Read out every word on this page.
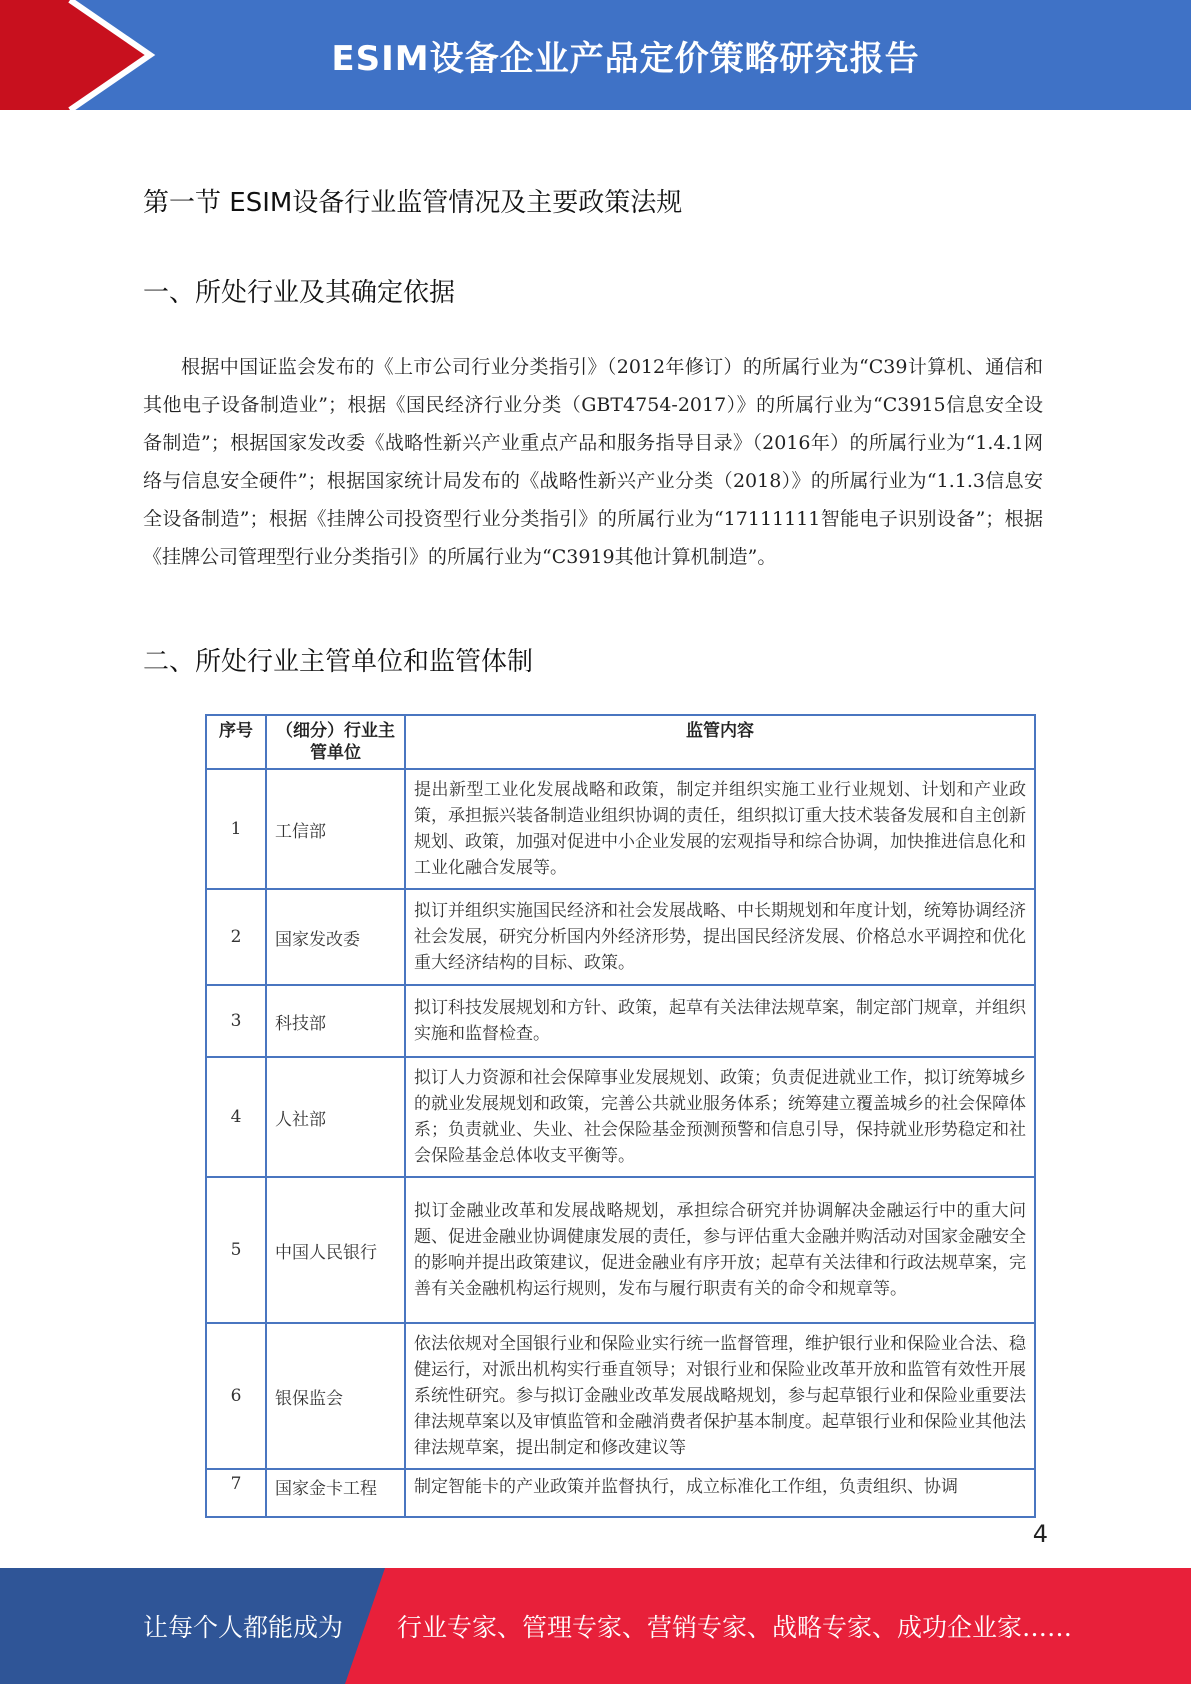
ESIM设备企业产品定价策略研究报告
第一节 ESIM设备行业监管情况及主要政策法规
一、所处行业及其确定依据

根据中国证监会发布的《上市公司行业分类指引》（2012年修订）的所属行业为“C39计算机、通信和其他电子设备制造业”；根据《国民经济行业分类（GBT4754-2017）》的所属行业为“C3915信息安全设备制造”；根据国家发改委《战略性新兴产业重点产品和服务指导目录》（2016年）的所属行业为“1.4.1网络与信息安全硬件”；根据国家统计局发布的《战略性新兴产业分类（2018）》的所属行业为“1.1.3信息安全设备制造”；根据《挂牌公司投资型行业分类指引》的所属行业为“17111111智能电子识别设备”；根据《挂牌公司管理型行业分类指引》的所属行业为“C3919其他计算机制造”。

二、所处行业主管单位和监管体制
序号	（细分）行业主管单位	监管内容
1	工信部	提出新型工业化发展战略和政策，制定并组织实施工业行业规划、计划和产业政策，承担振兴装备制造业组织协调的责任，组织拟订重大技术装备发展和自主创新规划、政策，加强对促进中小企业发展的宏观指导和综合协调，加快推进信息化和工业化融合发展等。
2	国家发改委	拟订并组织实施国民经济和社会发展战略、中长期规划和年度计划，统筹协调经济社会发展，研究分析国内外经济形势，提出国民经济发展、价格总水平调控和优化重大经济结构的目标、政策。
3	科技部	拟订科技发展规划和方针、政策，起草有关法律法规草案，制定部门规章，并组织实施和监督检查。
4	人社部	拟订人力资源和社会保障事业发展规划、政策；负责促进就业工作，拟订统筹城乡的就业发展规划和政策，完善公共就业服务体系；统筹建立覆盖城乡的社会保障体系；负责就业、失业、社会保险基金预测预警和信息引导，保持就业形势稳定和社会保险基金总体收支平衡等。
5	中国人民银行	拟订金融业改革和发展战略规划，承担综合研究并协调解决金融运行中的重大问题、促进金融业协调健康发展的责任，参与评估重大金融并购活动对国家金融安全的影响并提出政策建议，促进金融业有序开放；起草有关法律和行政法规草案，完善有关金融机构运行规则，发布与履行职责有关的命令和规章等。
6	银保监会	依法依规对全国银行业和保险业实行统一监督管理，维护银行业和保险业合法、稳健运行，对派出机构实行垂直领导；对银行业和保险业改革开放和监管有效性开展系统性研究。参与拟订金融业改革发展战略规划，参与起草银行业和保险业重要法律法规草案以及审慎监管和金融消费者保护基本制度。起草银行业和保险业其他法律法规草案，提出制定和修改建议等
7	国家金卡工程	制定智能卡的产业政策并监督执行，成立标准化工作组，负责组织、协调
4
让每个人都能成为 行业专家、管理专家、营销专家、战略专家、成功企业家……
